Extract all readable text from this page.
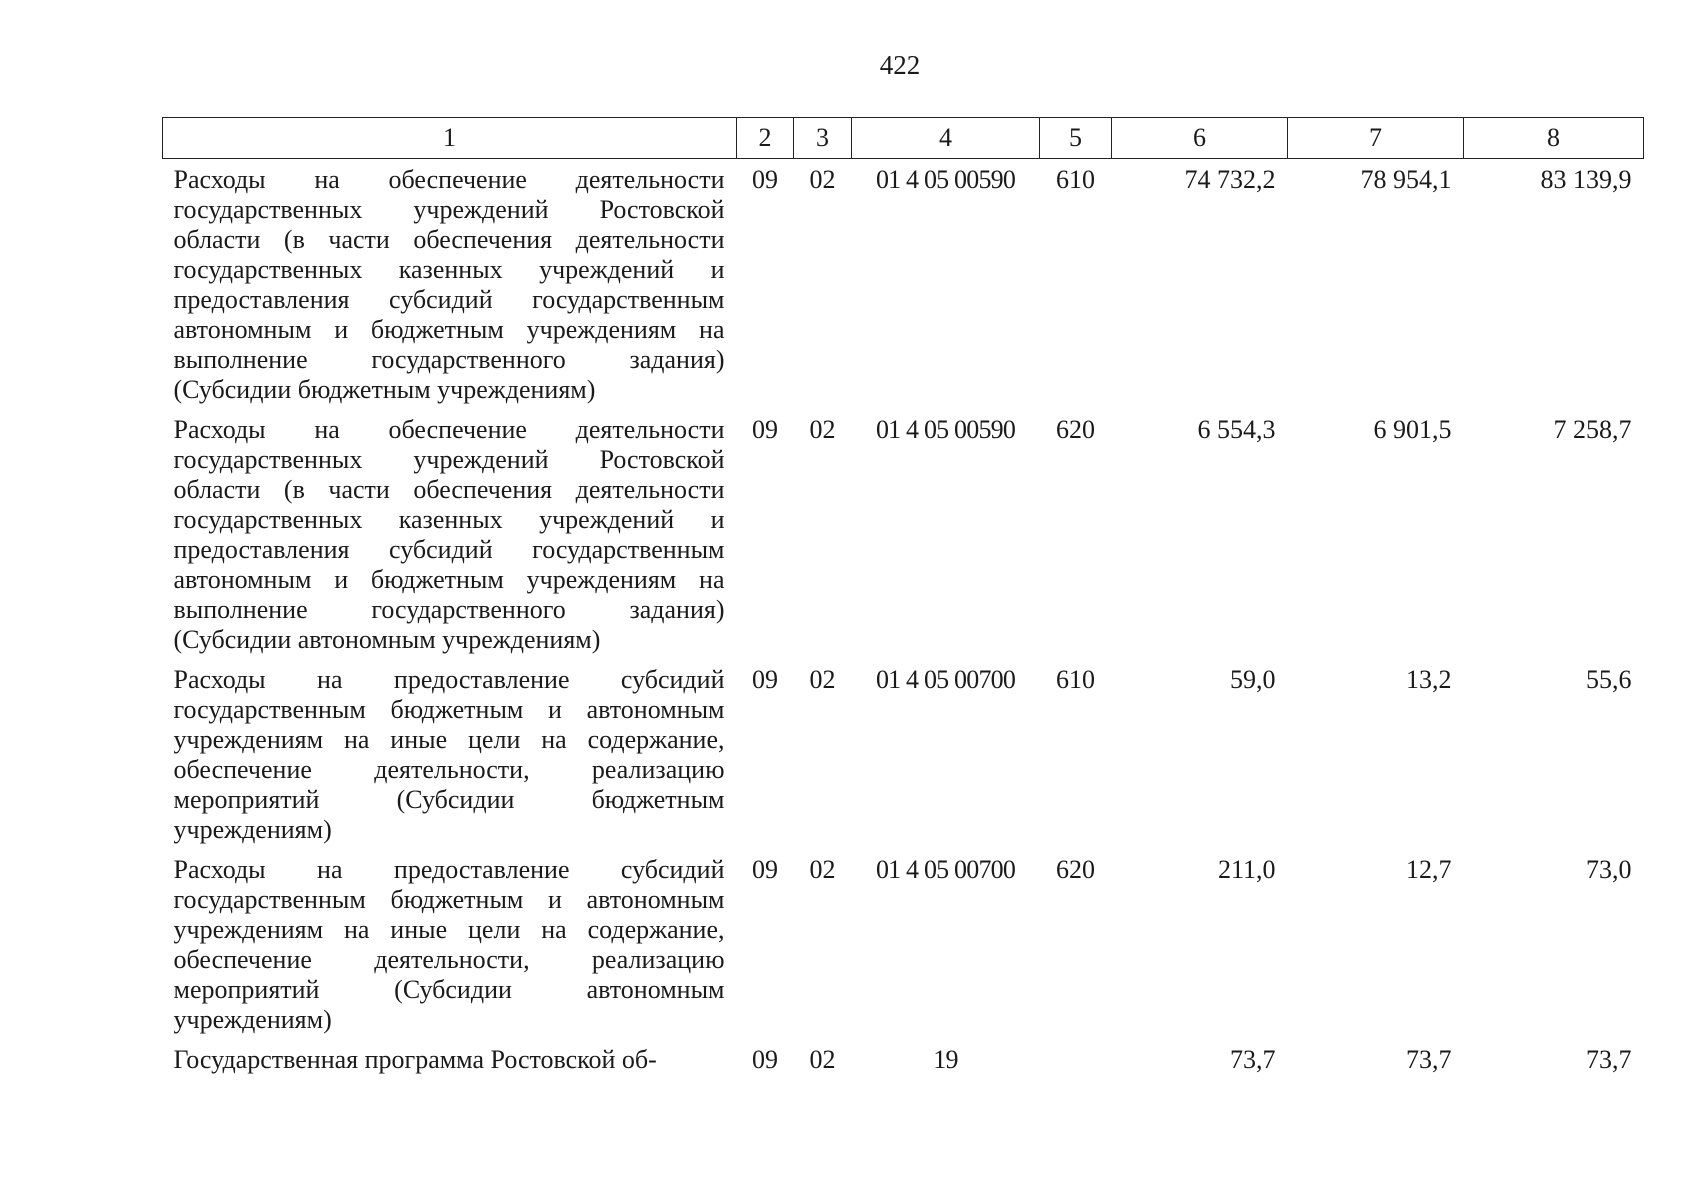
422
1	2	3	4	5	6	7	8
Расходы на обеспечение деятельности государственных учреждений Ростовской области (в части обеспечения деятельности государственных казенных учреждений и предоставления субсидий государственным автономным и бюджетным учреждениям на выполнение государственного задания) (Субсидии бюджетным учреждениям)	09	02	01 4 05 00590	610	74 732,2	78 954,1	83 139,9
Расходы на обеспечение деятельности государственных учреждений Ростовской области (в части обеспечения деятельности государственных казенных учреждений и предоставления субсидий государственным автономным и бюджетным учреждениям на выполнение государственного задания) (Субсидии автономным учреждениям)	09	02	01 4 05 00590	620	6 554,3	6 901,5	7 258,7
Расходы на предоставление субсидий государственным бюджетным и автономным учреждениям на иные цели на содержание, обеспечение деятельности, реализацию мероприятий (Субсидии бюджетным учреждениям)	09	02	01 4 05 00700	610	59,0	13,2	55,6
Расходы на предоставление субсидий государственным бюджетным и автономным учреждениям на иные цели на содержание, обеспечение деятельности, реализацию мероприятий (Субсидии автономным учреждениям)	09	02	01 4 05 00700	620	211,0	12,7	73,0
Государственная программа Ростовской об-	09	02	19		73,7	73,7	73,7
